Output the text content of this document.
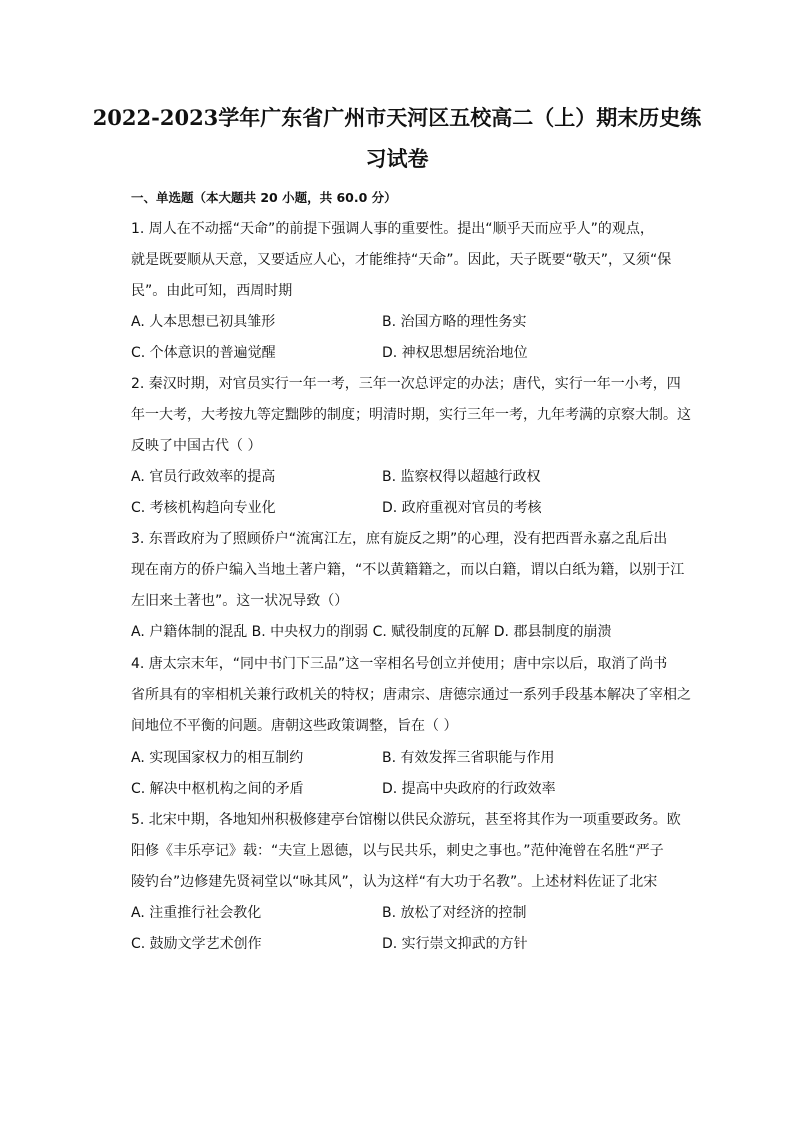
2022-2023学年广东省广州市天河区五校高二（上）期末历史练
习试卷
一、单选题（本大题共 20 小题，共 60.0 分）
1. 周人在不动摇“天命”的前提下强调人事的重要性。提出“顺乎天而应乎人”的观点，
就是既要顺从天意，又要适应人心，才能维持“天命”。因此，天子既要“敬天”，又须“保
民”。由此可知，西周时期
A. 人本思想已初具雏形	B. 治国方略的理性务实
C. 个体意识的普遍觉醒	D. 神权思想居统治地位
2. 秦汉时期，对官员实行一年一考，三年一次总评定的办法；唐代，实行一年一小考，四
年一大考，大考按九等定黜陟的制度；明清时期，实行三年一考，九年考满的京察大制。这
反映了中国古代（ ）
A. 官员行政效率的提高	B. 监察权得以超越行政权
C. 考核机构趋向专业化	D. 政府重视对官员的考核
3. 东晋政府为了照顾侨户“流寓江左，庶有旋反之期”的心理，没有把西晋永嘉之乱后出
现在南方的侨户编入当地土著户籍，“不以黄籍籍之，而以白籍，谓以白纸为籍，以别于江
左旧来土著也”。这一状况导致（）
A. 户籍体制的混乱 B. 中央权力的削弱 C. 赋役制度的瓦解 D. 郡县制度的崩溃
4. 唐太宗末年，“同中书门下三品”这一宰相名号创立并使用；唐中宗以后，取消了尚书
省所具有的宰相机关兼行政机关的特权；唐肃宗、唐德宗通过一系列手段基本解决了宰相之
间地位不平衡的问题。唐朝这些政策调整，旨在（ ）
A. 实现国家权力的相互制约	B. 有效发挥三省职能与作用
C. 解决中枢机构之间的矛盾	D. 提高中央政府的行政效率
5. 北宋中期，各地知州积极修建亭台馆榭以供民众游玩，甚至将其作为一项重要政务。欧
阳修《丰乐亭记》载：“夫宣上恩德，以与民共乐，刺史之事也。”范仲淹曾在名胜“严子
陵钓台”边修建先贤祠堂以“咏其风”，认为这样“有大功于名教”。上述材料佐证了北宋
A. 注重推行社会教化	B. 放松了对经济的控制
C. 鼓励文学艺术创作	D. 实行崇文抑武的方针
